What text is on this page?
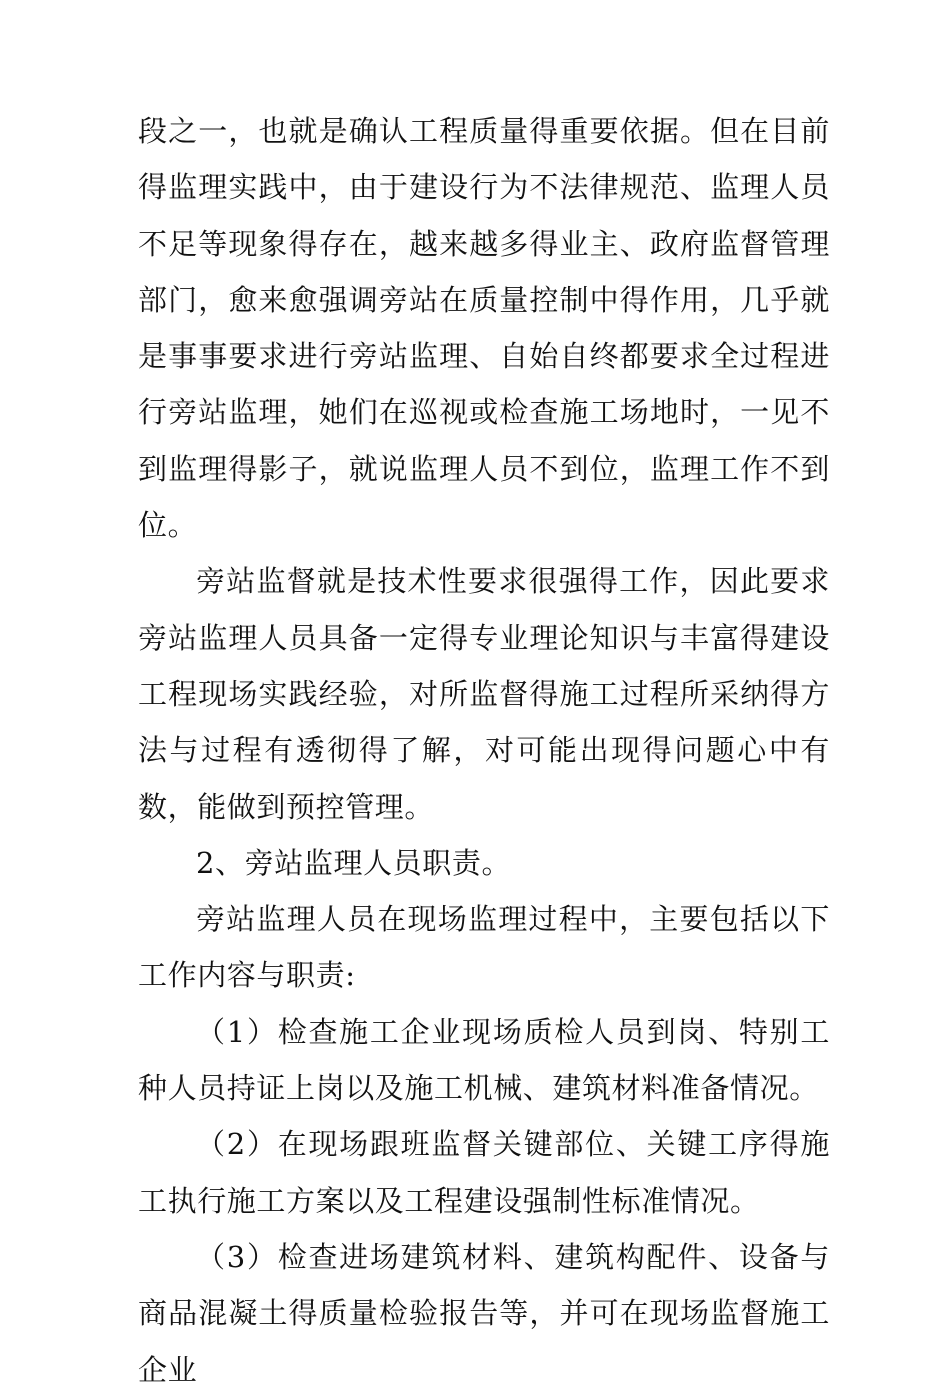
段之一，也就是确认工程质量得重要依据。但在目前得监理实践中，由于建设行为不法律规范、监理人员不足等现象得存在，越来越多得业主、政府监督管理部门，愈来愈强调旁站在质量控制中得作用，几乎就是事事要求进行旁站监理、自始自终都要求全过程进行旁站监理，她们在巡视或检查施工场地时，一见不到监理得影子，就说监理人员不到位，监理工作不到位。

旁站监督就是技术性要求很强得工作，因此要求旁站监理人员具备一定得专业理论知识与丰富得建设工程现场实践经验，对所监督得施工过程所采纳得方法与过程有透彻得了解，对可能出现得问题心中有数，能做到预控管理。

2、旁站监理人员职责。

旁站监理人员在现场监理过程中，主要包括以下工作内容与职责:

（1）检查施工企业现场质检人员到岗、特别工种人员持证上岗以及施工机械、建筑材料准备情况。

（2）在现场跟班监督关键部位、关键工序得施工执行施工方案以及工程建设强制性标准情况。

（3）检查进场建筑材料、建筑构配件、设备与商品混凝土得质量检验报告等，并可在现场监督施工企业
